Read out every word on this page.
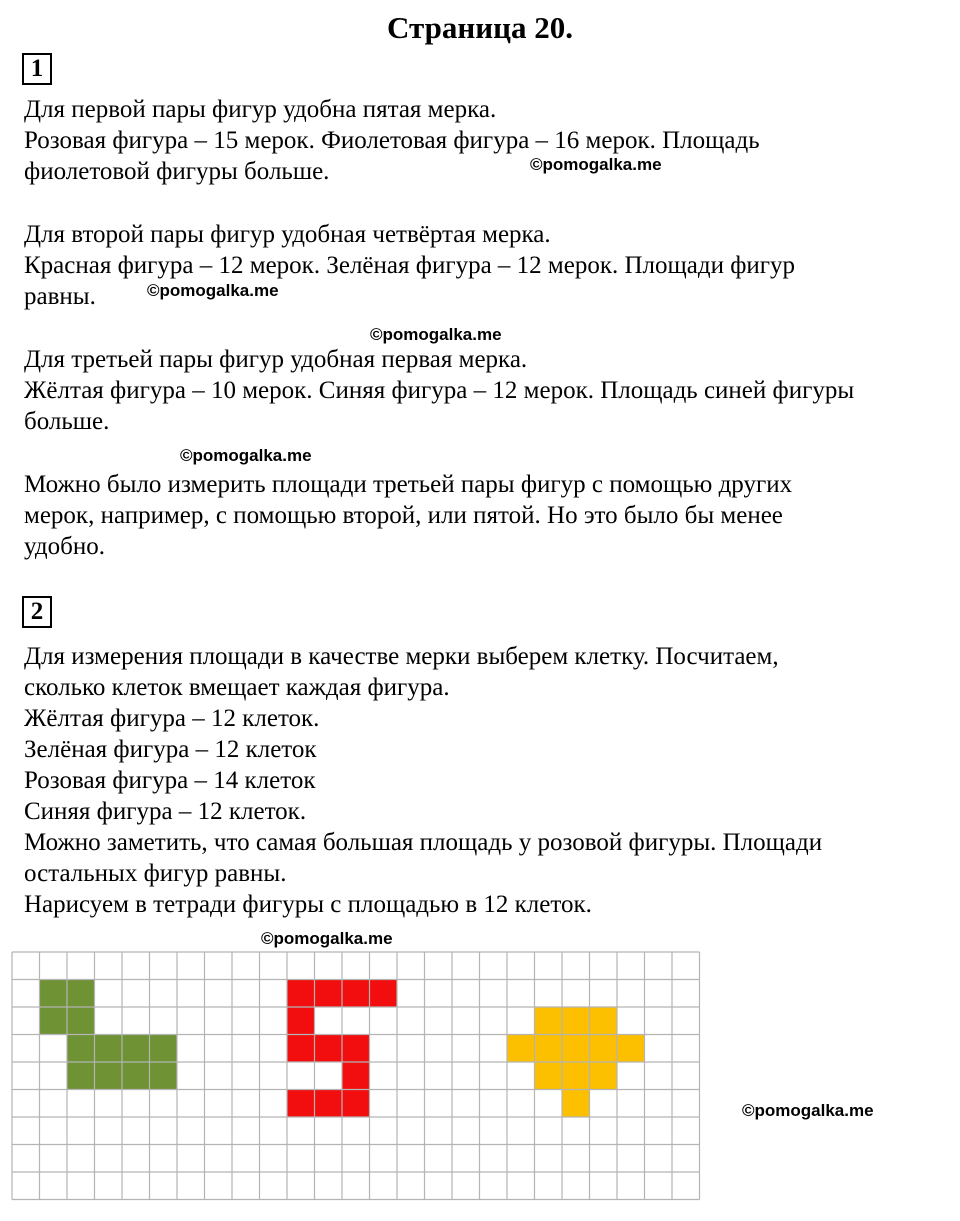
Страница 20.
1
Для первой пары фигур удобна пятая мерка.
Розовая фигура – 15 мерок. Фиолетовая фигура – 16 мерок. Площадь
фиолетовой фигуры больше.
Для второй пары фигур удобная четвёртая мерка.
Красная фигура – 12 мерок. Зелёная фигура – 12 мерок. Площади фигур
равны.
Для третьей пары фигур удобная первая мерка.
Жёлтая фигура – 10 мерок. Синяя фигура – 12 мерок. Площадь синей фигуры
больше.
Можно было измерить площади третьей пары фигур с помощью других
мерок, например, с помощью второй, или пятой. Но это было бы менее
удобно.
2
Для измерения площади в качестве мерки выберем клетку. Посчитаем,
сколько клеток вмещает каждая фигура.
Жёлтая фигура – 12 клеток.
Зелёная фигура – 12 клеток
Розовая фигура – 14 клеток
Синяя фигура – 12 клеток.
Можно заметить, что самая большая площадь у розовой фигуры. Площади
остальных фигур равны.
Нарисуем в тетради фигуры с площадью в 12 клеток.
©pomogalka.me
©pomogalka.me
©pomogalka.me
©pomogalka.me
©pomogalka.me
©pomogalka.me
